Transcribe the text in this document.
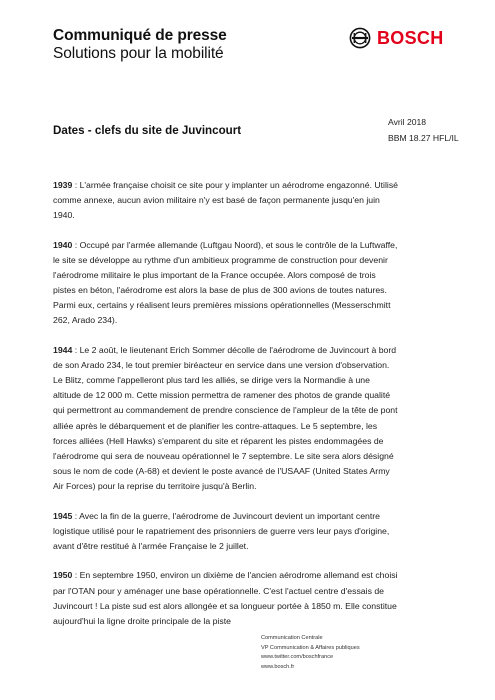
Communiqué de presse
Solutions pour la mobilité
BOSCH
Avril 2018
BBM 18.27 HFL/IL
Dates - clefs du site de Juvincourt

1939 : L'armée française choisit ce site pour y implanter un aérodrome engazonné. Utilisé comme annexe, aucun avion militaire n'y est basé de façon permanente jusqu'en juin 1940.

1940 : Occupé par l'armée allemande (Luftgau Noord), et sous le contrôle de la Luftwaffe, le site se développe au rythme d'un ambitieux programme de construction pour devenir l'aérodrome militaire le plus important de la France occupée. Alors composé de trois pistes en béton, l'aérodrome est alors la base de plus de 300 avions de toutes natures. Parmi eux, certains y réalisent leurs premières missions opérationnelles (Messerschmitt 262, Arado 234).

1944 : Le 2 août, le lieutenant Erich Sommer décolle de l'aérodrome de Juvincourt à bord de son Arado 234, le tout premier biréacteur en service dans une version d'observation. Le Blitz, comme l'appelleront plus tard les alliés, se dirige vers la Normandie à une altitude de 12 000 m. Cette mission permettra de ramener des photos de grande qualité qui permettront au commandement de prendre conscience de l'ampleur de la tête de pont alliée après le débarquement et de planifier les contre-attaques. Le 5 septembre, les forces alliées (Hell Hawks) s'emparent du site et réparent les pistes endommagées de l'aérodrome qui sera de nouveau opérationnel le 7 septembre. Le site sera alors désigné sous le nom de code (A-68) et devient le poste avancé de l'USAAF (United States Army Air Forces) pour la reprise du territoire jusqu'à Berlin.

1945 : Avec la fin de la guerre, l'aérodrome de Juvincourt devient un important centre logistique utilisé pour le rapatriement des prisonniers de guerre vers leur pays d'origine, avant d'être restitué à l'armée Française le 2 juillet.

1950 : En septembre 1950, environ un dixième de l'ancien aérodrome allemand est choisi par l'OTAN pour y aménager une base opérationnelle. C'est l'actuel centre d'essais de Juvincourt ! La piste sud est alors allongée et sa longueur portée à 1850 m. Elle constitue aujourd'hui la ligne droite principale de la piste

Communication Centrale
VP Communication & Affaires publiques
www.twitter.com/boschfrance
www.bosch.fr
